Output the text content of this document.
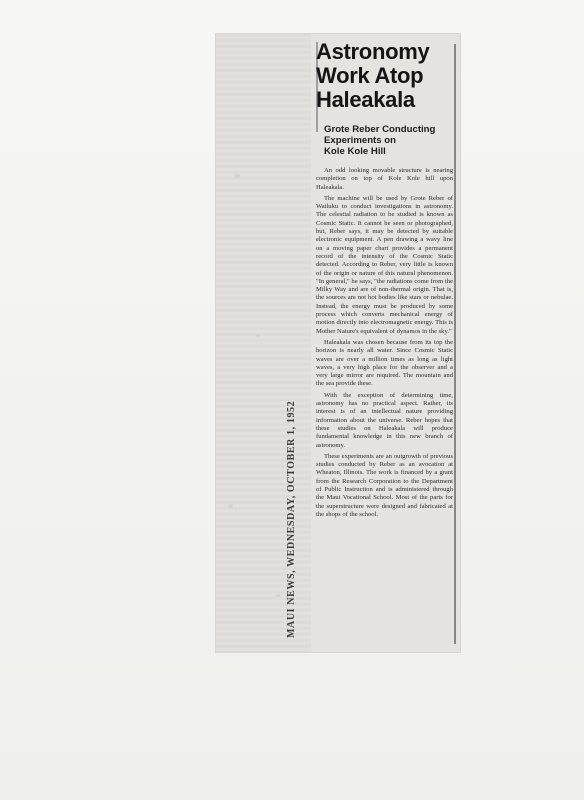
MAUI NEWS, WEDNESDAY, OCTOBER 1, 1952
Astronomy
Work Atop
Haleakala
Grote Reber Conducting
Experiments on
Kole Kole Hill

An odd looking movable structure is nearing completion on top of Kole Kole hill upon Haleakala.

The machine will be used by Grote Reber of Wailuku to conduct investigations in astronomy. The celestial radiation to be studied is known as Cosmic Static. It cannot be seen or photographed, but, Reber says, it may be detected by suitable electronic equipment. A pen drawing a wavy line on a moving paper chart provides a permanent record of the intensity of the Cosmic Static detected. According to Reber, very little is known of the origin or nature of this natural phenomenon. "In general," he says, "the radiations come from the Milky Way and are of non-thermal origin. That is, the sources are not hot bodies like stars or nebulae. Instead, the energy must be produced by some process which converts mechanical energy of motion directly into electromagnetic energy. This is Mother Nature's equivalent of dynamos in the sky."

Haleakala was chosen because from its top the horizon is nearly all water. Since Cosmic Static waves are over a million times as long as light waves, a very high place for the observer and a very large mirror are required. The mountain and the sea provide these.

With the exception of determining time, astronomy has no practical aspect. Rather, its interest is of an intellectual nature providing information about the universe. Reber hopes that these studies on Haleakala will produce fundamental knowledge in this new branch of astronomy.

These experiments are an outgrowth of previous studies conducted by Reber as an avocation at Wheaton, Illinois. The work is financed by a grant from the Research Corporation to the Department of Public Instruction and is administered through the Maui Vocational School. Most of the parts for the superstructure were designed and fabricated at the shops of the school.
